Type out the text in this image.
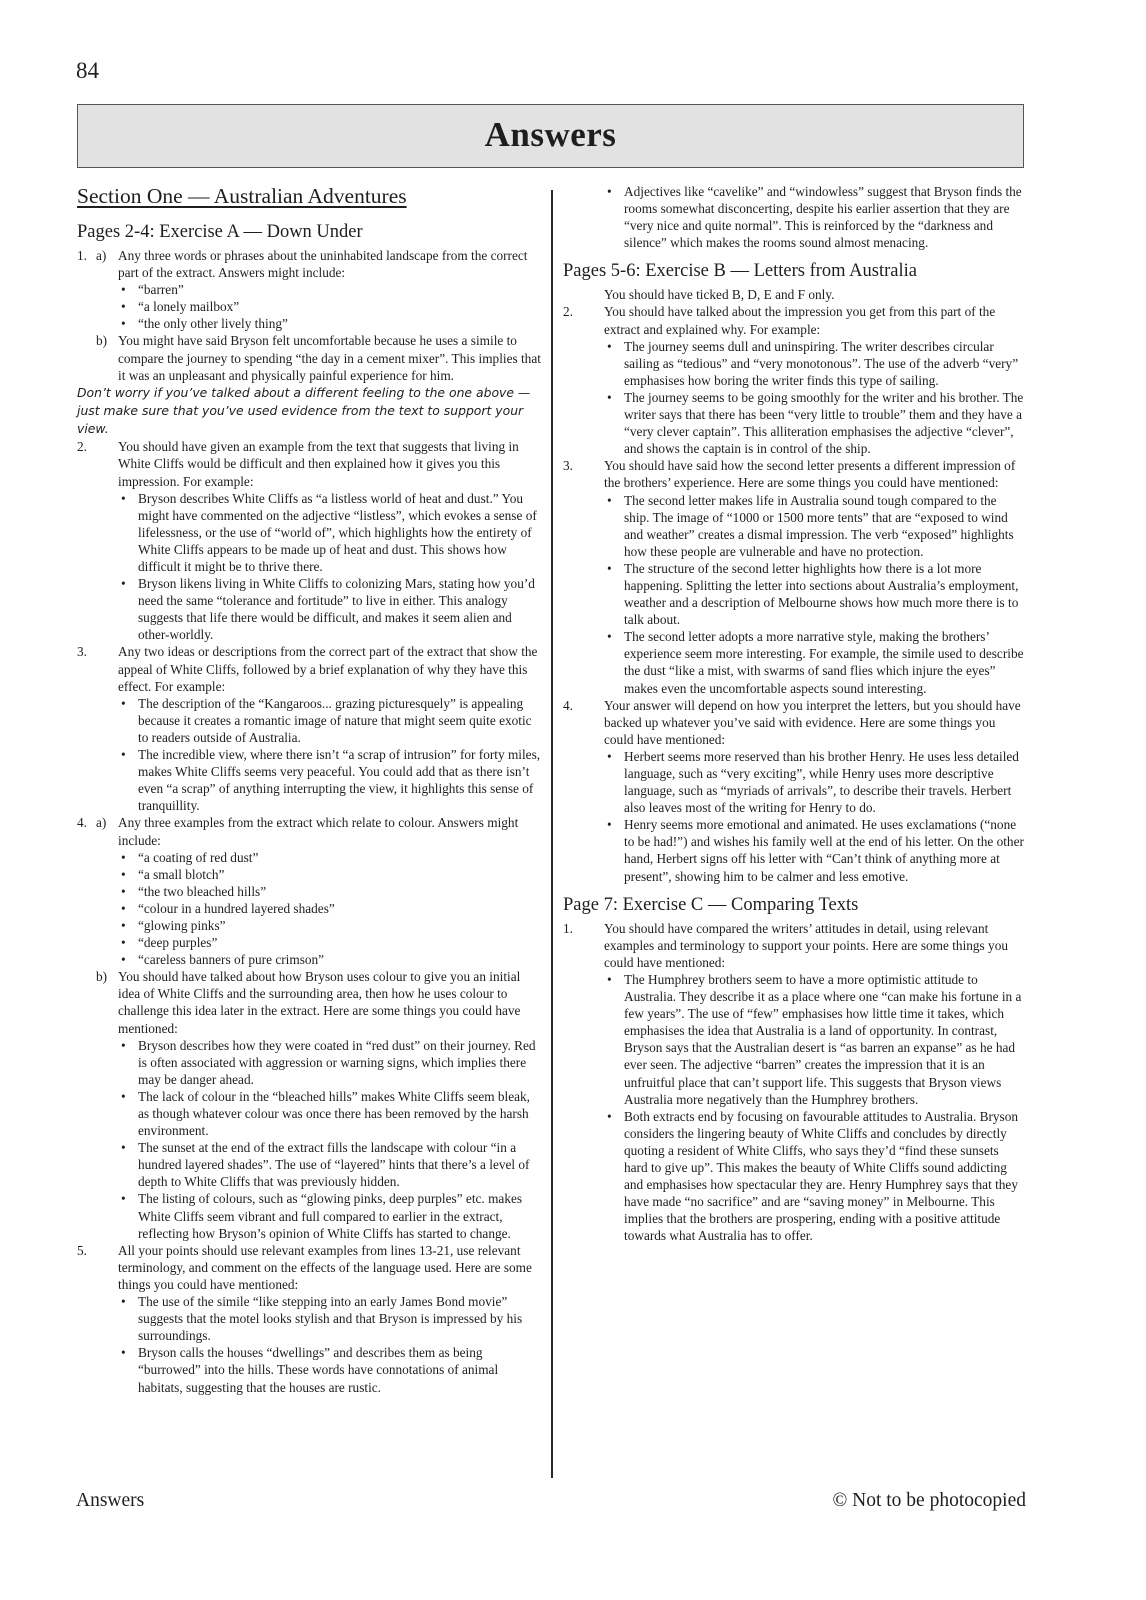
84
Answers
Section One — Australian Adventures
Pages 2-4: Exercise A — Down Under
1. a) Any three words or phrases about the uninhabited landscape from the correct part of the extract. Answers might include:
• “barren”
• “a lonely mailbox”
• “the only other lively thing”
b) You might have said Bryson felt uncomfortable because he uses a simile to compare the journey to spending “the day in a cement mixer”. This implies that it was an unpleasant and physically painful experience for him.
Don’t worry if you’ve talked about a different feeling to the one above — just make sure that you’ve used evidence from the text to support your view.
2. You should have given an example from the text that suggests that living in White Cliffs would be difficult and then explained how it gives you this impression. For example:
• Bryson describes White Cliffs as “a listless world of heat and dust.” You might have commented on the adjective “listless”, which evokes a sense of lifelessness, or the use of “world of”, which highlights how the entirety of White Cliffs appears to be made up of heat and dust. This shows how difficult it might be to thrive there.
• Bryson likens living in White Cliffs to colonizing Mars, stating how you’d need the same “tolerance and fortitude” to live in either. This analogy suggests that life there would be difficult, and makes it seem alien and other-worldly.
3. Any two ideas or descriptions from the correct part of the extract that show the appeal of White Cliffs, followed by a brief explanation of why they have this effect. For example:
• The description of the “Kangaroos... grazing picturesquely” is appealing because it creates a romantic image of nature that might seem quite exotic to readers outside of Australia.
• The incredible view, where there isn’t “a scrap of intrusion” for forty miles, makes White Cliffs seems very peaceful. You could add that as there isn’t even “a scrap” of anything interrupting the view, it highlights this sense of tranquillity.
4. a) Any three examples from the extract which relate to colour. Answers might include:
• “a coating of red dust”
• “a small blotch”
• “the two bleached hills”
• “colour in a hundred layered shades”
• “glowing pinks”
• “deep purples”
• “careless banners of pure crimson”
b) You should have talked about how Bryson uses colour to give you an initial idea of White Cliffs and the surrounding area, then how he uses colour to challenge this idea later in the extract. Here are some things you could have mentioned:
• Bryson describes how they were coated in “red dust” on their journey. Red is often associated with aggression or warning signs, which implies there may be danger ahead.
• The lack of colour in the “bleached hills” makes White Cliffs seem bleak, as though whatever colour was once there has been removed by the harsh environment.
• The sunset at the end of the extract fills the landscape with colour “in a hundred layered shades”. The use of “layered” hints that there’s a level of depth to White Cliffs that was previously hidden.
• The listing of colours, such as “glowing pinks, deep purples” etc. makes White Cliffs seem vibrant and full compared to earlier in the extract, reflecting how Bryson’s opinion of White Cliffs has started to change.
5. All your points should use relevant examples from lines 13-21, use relevant terminology, and comment on the effects of the language used. Here are some things you could have mentioned:
• The use of the simile “like stepping into an early James Bond movie” suggests that the motel looks stylish and that Bryson is impressed by his surroundings.
• Bryson calls the houses “dwellings” and describes them as being “burrowed” into the hills. These words have connotations of animal habitats, suggesting that the houses are rustic.
• Adjectives like “cavelike” and “windowless” suggest that Bryson finds the rooms somewhat disconcerting, despite his earlier assertion that they are “very nice and quite normal”. This is reinforced by the “darkness and silence” which makes the rooms sound almost menacing.
Pages 5-6: Exercise B — Letters from Australia
You should have ticked B, D, E and F only.
2. You should have talked about the impression you get from this part of the extract and explained why. For example:
• The journey seems dull and uninspiring. The writer describes circular sailing as “tedious” and “very monotonous”. The use of the adverb “very” emphasises how boring the writer finds this type of sailing.
• The journey seems to be going smoothly for the writer and his brother. The writer says that there has been “very little to trouble” them and they have a “very clever captain”. This alliteration emphasises the adjective “clever”, and shows the captain is in control of the ship.
3. You should have said how the second letter presents a different impression of the brothers’ experience. Here are some things you could have mentioned:
• The second letter makes life in Australia sound tough compared to the ship. The image of “1000 or 1500 more tents” that are “exposed to wind and weather” creates a dismal impression. The verb “exposed” highlights how these people are vulnerable and have no protection.
• The structure of the second letter highlights how there is a lot more happening. Splitting the letter into sections about Australia’s employment, weather and a description of Melbourne shows how much more there is to talk about.
• The second letter adopts a more narrative style, making the brothers’ experience seem more interesting. For example, the simile used to describe the dust “like a mist, with swarms of sand flies which injure the eyes” makes even the uncomfortable aspects sound interesting.
4. Your answer will depend on how you interpret the letters, but you should have backed up whatever you’ve said with evidence. Here are some things you could have mentioned:
• Herbert seems more reserved than his brother Henry. He uses less detailed language, such as “very exciting”, while Henry uses more descriptive language, such as “myriads of arrivals”, to describe their travels. Herbert also leaves most of the writing for Henry to do.
• Henry seems more emotional and animated. He uses exclamations (“none to be had!”) and wishes his family well at the end of his letter. On the other hand, Herbert signs off his letter with “Can’t think of anything more at present”, showing him to be calmer and less emotive.
Page 7: Exercise C — Comparing Texts
1. You should have compared the writers’ attitudes in detail, using relevant examples and terminology to support your points. Here are some things you could have mentioned:
• The Humphrey brothers seem to have a more optimistic attitude to Australia. They describe it as a place where one “can make his fortune in a few years”. The use of “few” emphasises how little time it takes, which emphasises the idea that Australia is a land of opportunity. In contrast, Bryson says that the Australian desert is “as barren an expanse” as he had ever seen. The adjective “barren” creates the impression that it is an unfruitful place that can’t support life. This suggests that Bryson views Australia more negatively than the Humphrey brothers.
• Both extracts end by focusing on favourable attitudes to Australia. Bryson considers the lingering beauty of White Cliffs and concludes by directly quoting a resident of White Cliffs, who says they’d “find these sunsets hard to give up”. This makes the beauty of White Cliffs sound addicting and emphasises how spectacular they are. Henry Humphrey says that they have made “no sacrifice” and are “saving money” in Melbourne. This implies that the brothers are prospering, ending with a positive attitude towards what Australia has to offer.
Answers	© Not to be photocopied
